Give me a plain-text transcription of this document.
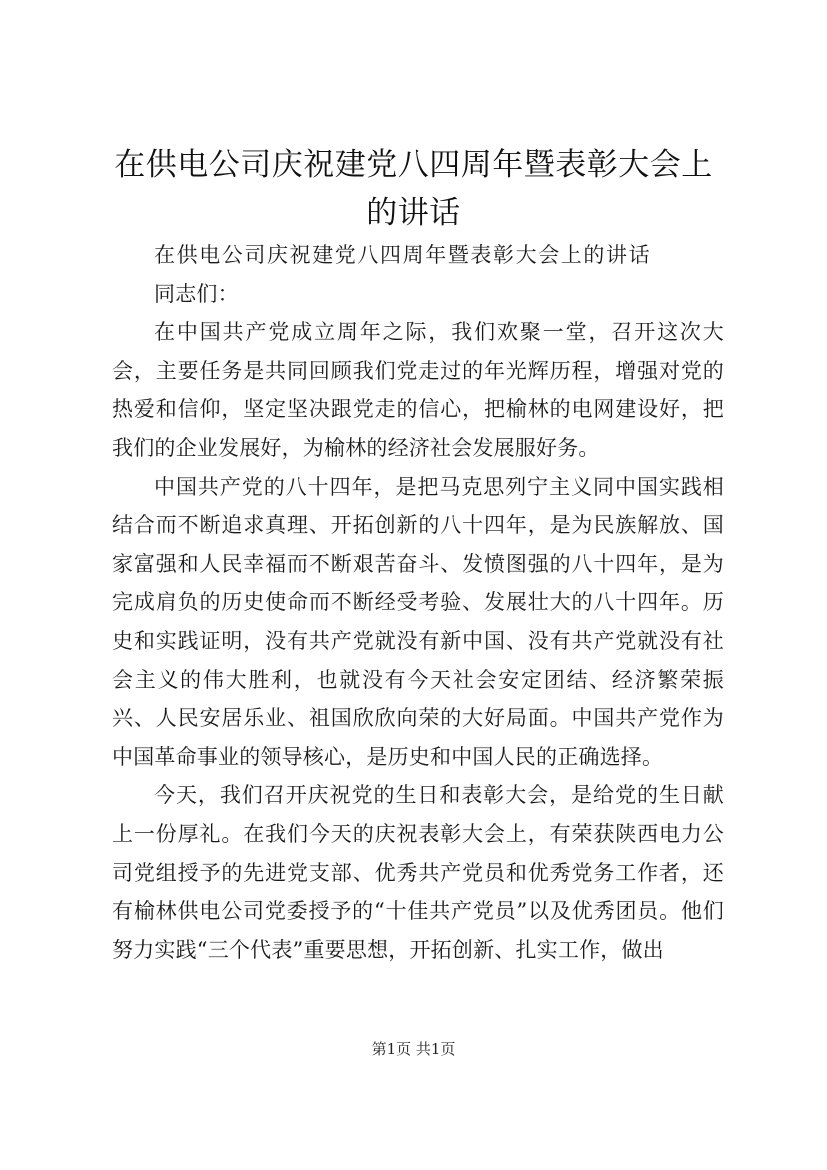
在供电公司庆祝建党八四周年暨表彰大会上的讲话

在供电公司庆祝建党八四周年暨表彰大会上的讲话

同志们：

在中国共产党成立周年之际，我们欢聚一堂，召开这次大会，主要任务是共同回顾我们党走过的年光辉历程，增强对党的热爱和信仰，坚定坚决跟党走的信心，把榆林的电网建设好，把我们的企业发展好，为榆林的经济社会发展服好务。

中国共产党的八十四年，是把马克思列宁主义同中国实践相结合而不断追求真理、开拓创新的八十四年，是为民族解放、国家富强和人民幸福而不断艰苦奋斗、发愤图强的八十四年，是为完成肩负的历史使命而不断经受考验、发展壮大的八十四年。历史和实践证明，没有共产党就没有新中国、没有共产党就没有社会主义的伟大胜利，也就没有今天社会安定团结、经济繁荣振兴、人民安居乐业、祖国欣欣向荣的大好局面。中国共产党作为中国革命事业的领导核心，是历史和中国人民的正确选择。

今天，我们召开庆祝党的生日和表彰大会，是给党的生日献上一份厚礼。在我们今天的庆祝表彰大会上，有荣获陕西电力公司党组授予的先进党支部、优秀共产党员和优秀党务工作者，还有榆林供电公司党委授予的“十佳共产党员”以及优秀团员。他们努力实践“三个代表”重要思想，开拓创新、扎实工作，做出

第1页 共1页
